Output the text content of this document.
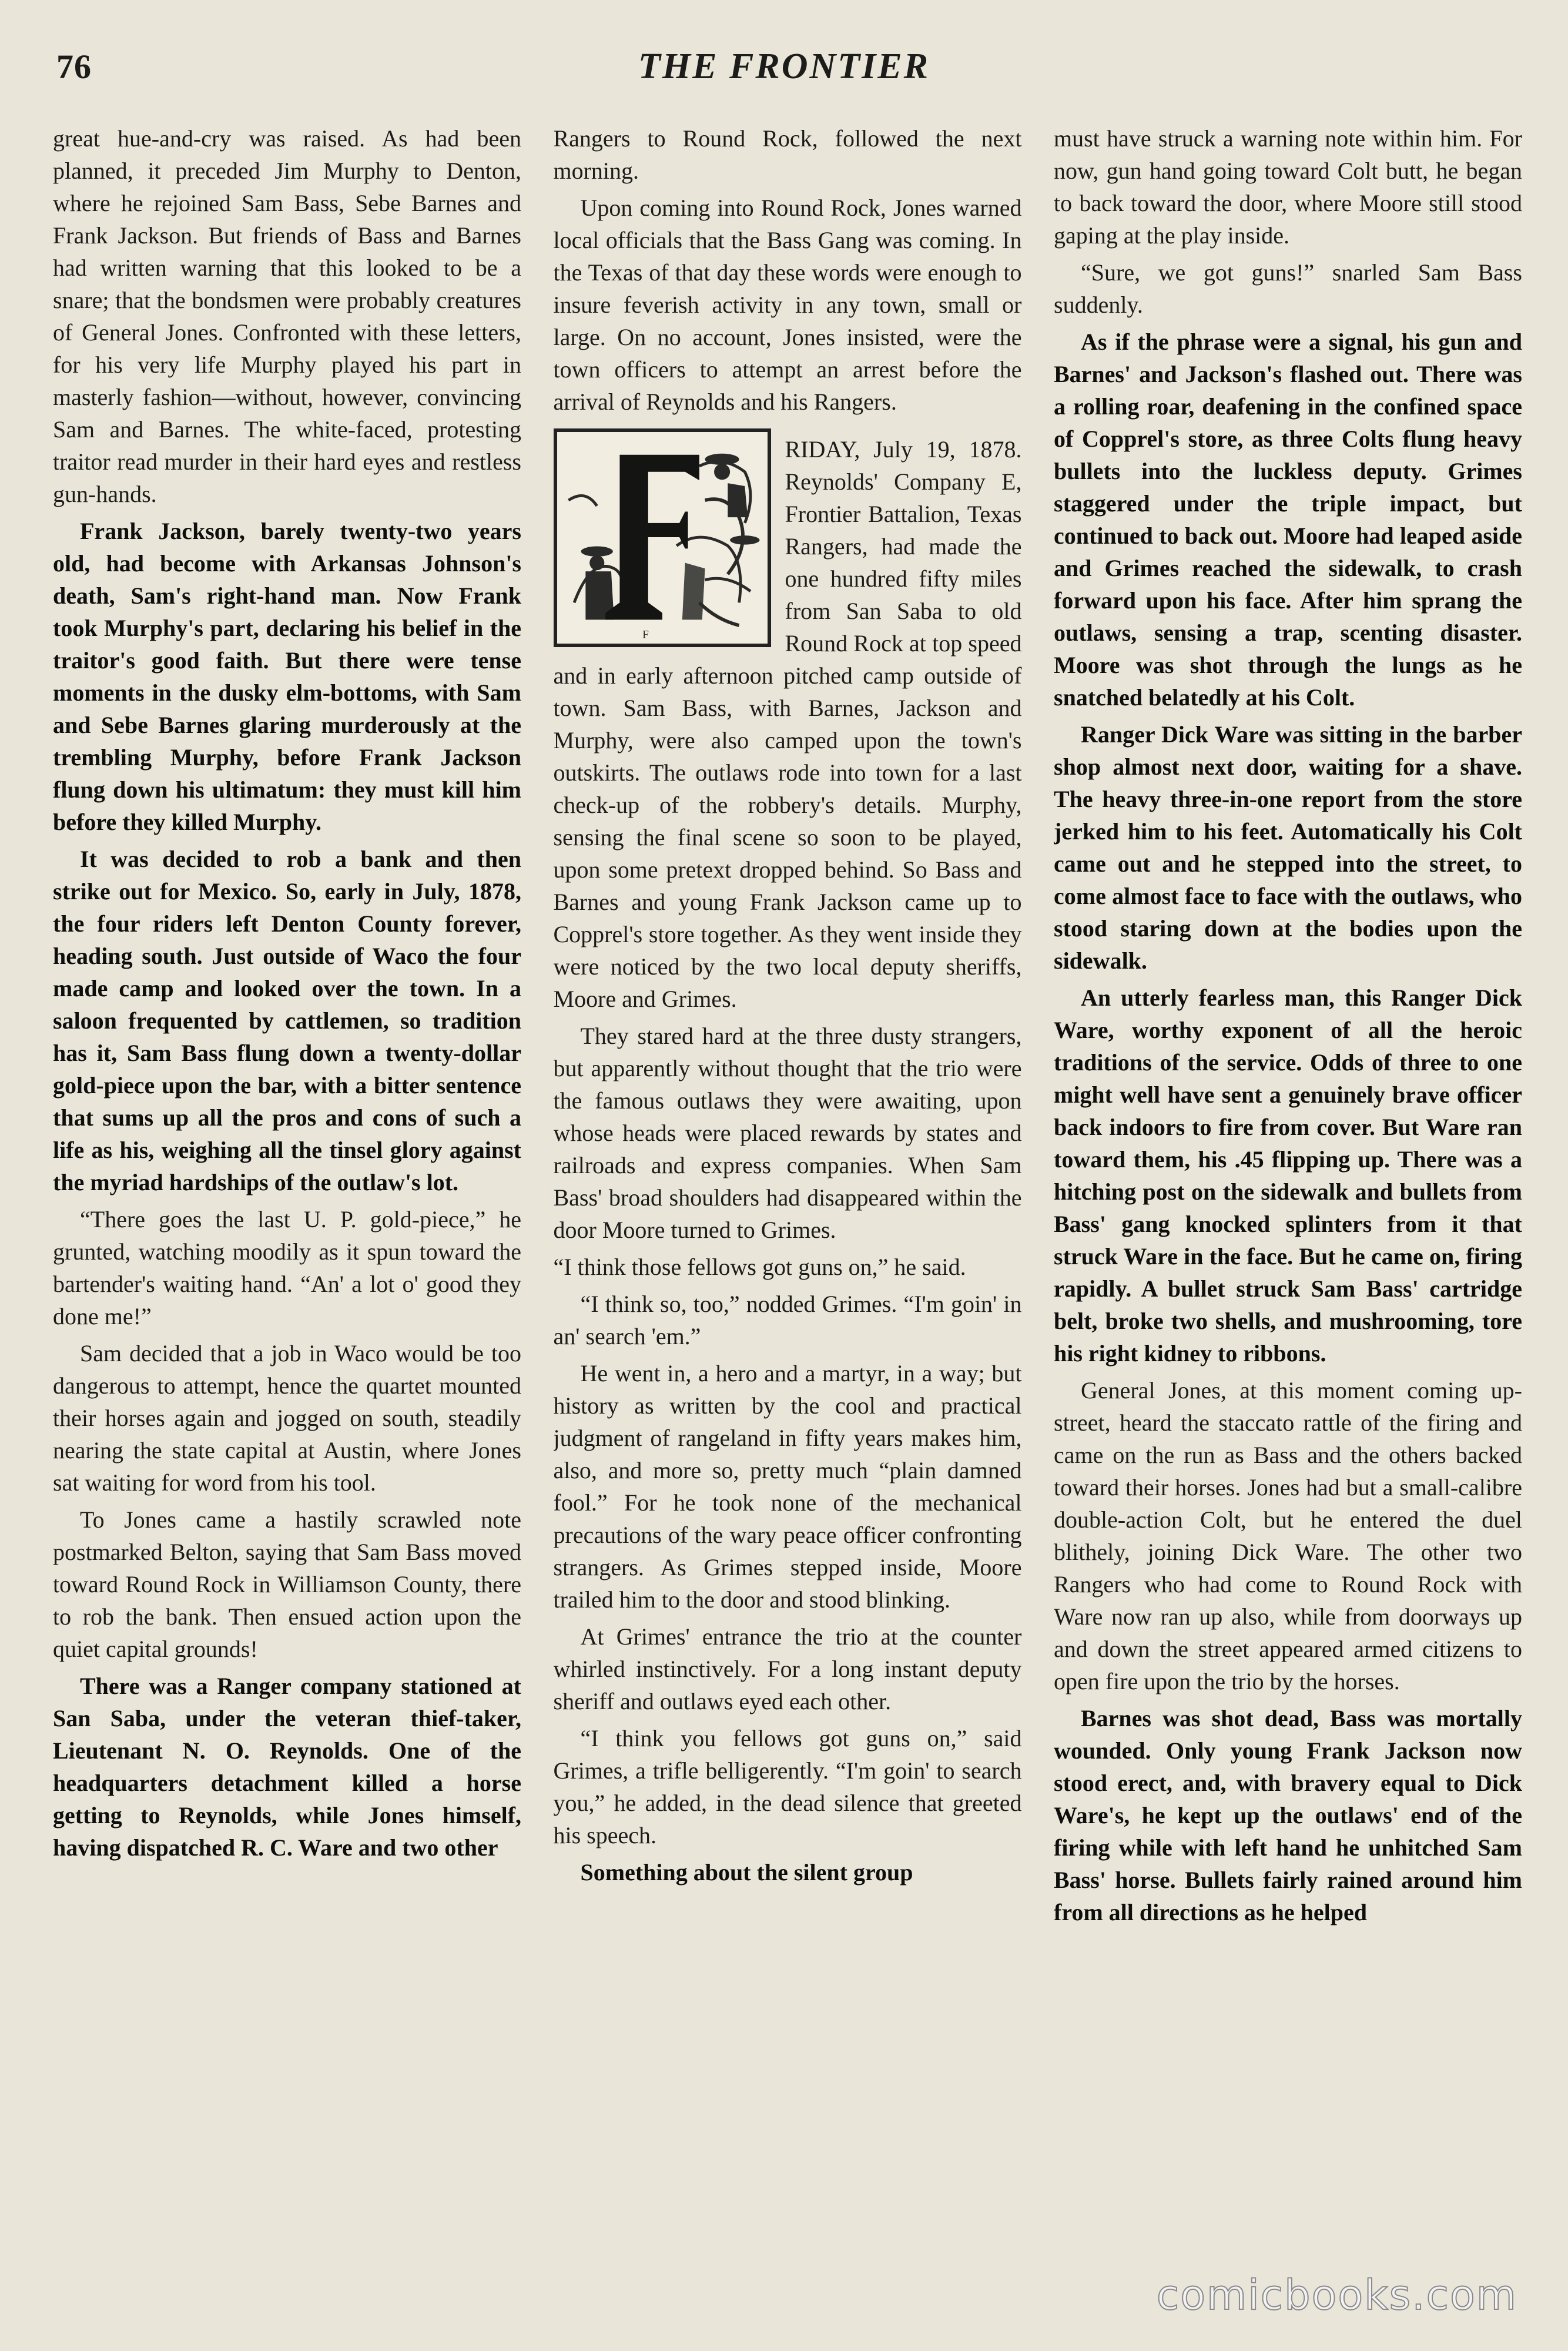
76	THE FRONTIER

great hue-and-cry was raised. As had been planned, it preceded Jim Murphy to Denton, where he rejoined Sam Bass, Sebe Barnes and Frank Jackson. But friends of Bass and Barnes had written warning that this looked to be a snare; that the bondsmen were probably creatures of General Jones. Confronted with these letters, for his very life Murphy played his part in masterly fashion—without, however, convincing Sam and Barnes. The white-faced, protesting traitor read murder in their hard eyes and restless gun-hands.

Frank Jackson, barely twenty-two years old, had become with Arkansas Johnson's death, Sam's right-hand man. Now Frank took Murphy's part, declaring his belief in the traitor's good faith. But there were tense moments in the dusky elm-bottoms, with Sam and Sebe Barnes glaring murderously at the trembling Murphy, before Frank Jackson flung down his ultimatum: they must kill him before they killed Murphy.

It was decided to rob a bank and then strike out for Mexico. So, early in July, 1878, the four riders left Denton County forever, heading south. Just outside of Waco the four made camp and looked over the town. In a saloon frequented by cattlemen, so tradition has it, Sam Bass flung down a twenty-dollar gold-piece upon the bar, with a bitter sentence that sums up all the pros and cons of such a life as his, weighing all the tinsel glory against the myriad hardships of the outlaw's lot.

“There goes the last U. P. gold-piece,” he grunted, watching moodily as it spun toward the bartender's waiting hand. “An' a lot o' good they done me!”

Sam decided that a job in Waco would be too dangerous to attempt, hence the quartet mounted their horses again and jogged on south, steadily nearing the state capital at Austin, where Jones sat waiting for word from his tool.

To Jones came a hastily scrawled note postmarked Belton, saying that Sam Bass moved toward Round Rock in Williamson County, there to rob the bank. Then ensued action upon the quiet capital grounds!

There was a Ranger company stationed at San Saba, under the veteran thief-taker, Lieutenant N. O. Reynolds. One of the headquarters detachment killed a horse getting to Reynolds, while Jones himself, having dispatched R. C. Ware and two other

Rangers to Round Rock, followed the next morning.

Upon coming into Round Rock, Jones warned local officials that the Bass Gang was coming. In the Texas of that day these words were enough to insure feverish activity in any town, small or large. On no account, Jones insisted, were the town officers to attempt an arrest before the arrival of Reynolds and his Rangers.

F

RIDAY, July 19, 1878. Reynolds' Company E, Frontier Battalion, Texas Rangers, had made the one hundred fifty miles from San Saba to old Round Rock at top speed and in early afternoon pitched camp outside of town. Sam Bass, with Barnes, Jackson and Murphy, were also camped upon the town's outskirts. The outlaws rode into town for a last check-up of the robbery's details. Murphy, sensing the final scene so soon to be played, upon some pretext dropped behind. So Bass and Barnes and young Frank Jackson came up to Copprel's store together. As they went inside they were noticed by the two local deputy sheriffs, Moore and Grimes.

They stared hard at the three dusty strangers, but apparently without thought that the trio were the famous outlaws they were awaiting, upon whose heads were placed rewards by states and railroads and express companies. When Sam Bass' broad shoulders had disappeared within the door Moore turned to Grimes.

“I think those fellows got guns on,” he said.

“I think so, too,” nodded Grimes. “I'm goin' in an' search 'em.”

He went in, a hero and a martyr, in a way; but history as written by the cool and practical judgment of rangeland in fifty years makes him, also, and more so, pretty much “plain damned fool.” For he took none of the mechanical precautions of the wary peace officer confronting strangers. As Grimes stepped inside, Moore trailed him to the door and stood blinking.

At Grimes' entrance the trio at the counter whirled instinctively. For a long instant deputy sheriff and outlaws eyed each other.

“I think you fellows got guns on,” said Grimes, a trifle belligerently. “I'm goin' to search you,” he added, in the dead silence that greeted his speech.

Something about the silent group

must have struck a warning note within him. For now, gun hand going toward Colt butt, he began to back toward the door, where Moore still stood gaping at the play inside.

“Sure, we got guns!” snarled Sam Bass suddenly.

As if the phrase were a signal, his gun and Barnes' and Jackson's flashed out. There was a rolling roar, deafening in the confined space of Copprel's store, as three Colts flung heavy bullets into the luckless deputy. Grimes staggered under the triple impact, but continued to back out. Moore had leaped aside and Grimes reached the sidewalk, to crash forward upon his face. After him sprang the outlaws, sensing a trap, scenting disaster. Moore was shot through the lungs as he snatched belatedly at his Colt.

Ranger Dick Ware was sitting in the barber shop almost next door, waiting for a shave. The heavy three-in-one report from the store jerked him to his feet. Automatically his Colt came out and he stepped into the street, to come almost face to face with the outlaws, who stood staring down at the bodies upon the sidewalk.

An utterly fearless man, this Ranger Dick Ware, worthy exponent of all the heroic traditions of the service. Odds of three to one might well have sent a genuinely brave officer back indoors to fire from cover. But Ware ran toward them, his .45 flipping up. There was a hitching post on the sidewalk and bullets from Bass' gang knocked splinters from it that struck Ware in the face. But he came on, firing rapidly. A bullet struck Sam Bass' cartridge belt, broke two shells, and mushrooming, tore his right kidney to ribbons.

General Jones, at this moment coming up-street, heard the staccato rattle of the firing and came on the run as Bass and the others backed toward their horses. Jones had but a small-calibre double-action Colt, but he entered the duel blithely, joining Dick Ware. The other two Rangers who had come to Round Rock with Ware now ran up also, while from doorways up and down the street appeared armed citizens to open fire upon the trio by the horses.

Barnes was shot dead, Bass was mortally wounded. Only young Frank Jackson now stood erect, and, with bravery equal to Dick Ware's, he kept up the outlaws' end of the firing while with left hand he unhitched Sam Bass' horse. Bullets fairly rained around him from all directions as he helped

comicbooks.com
